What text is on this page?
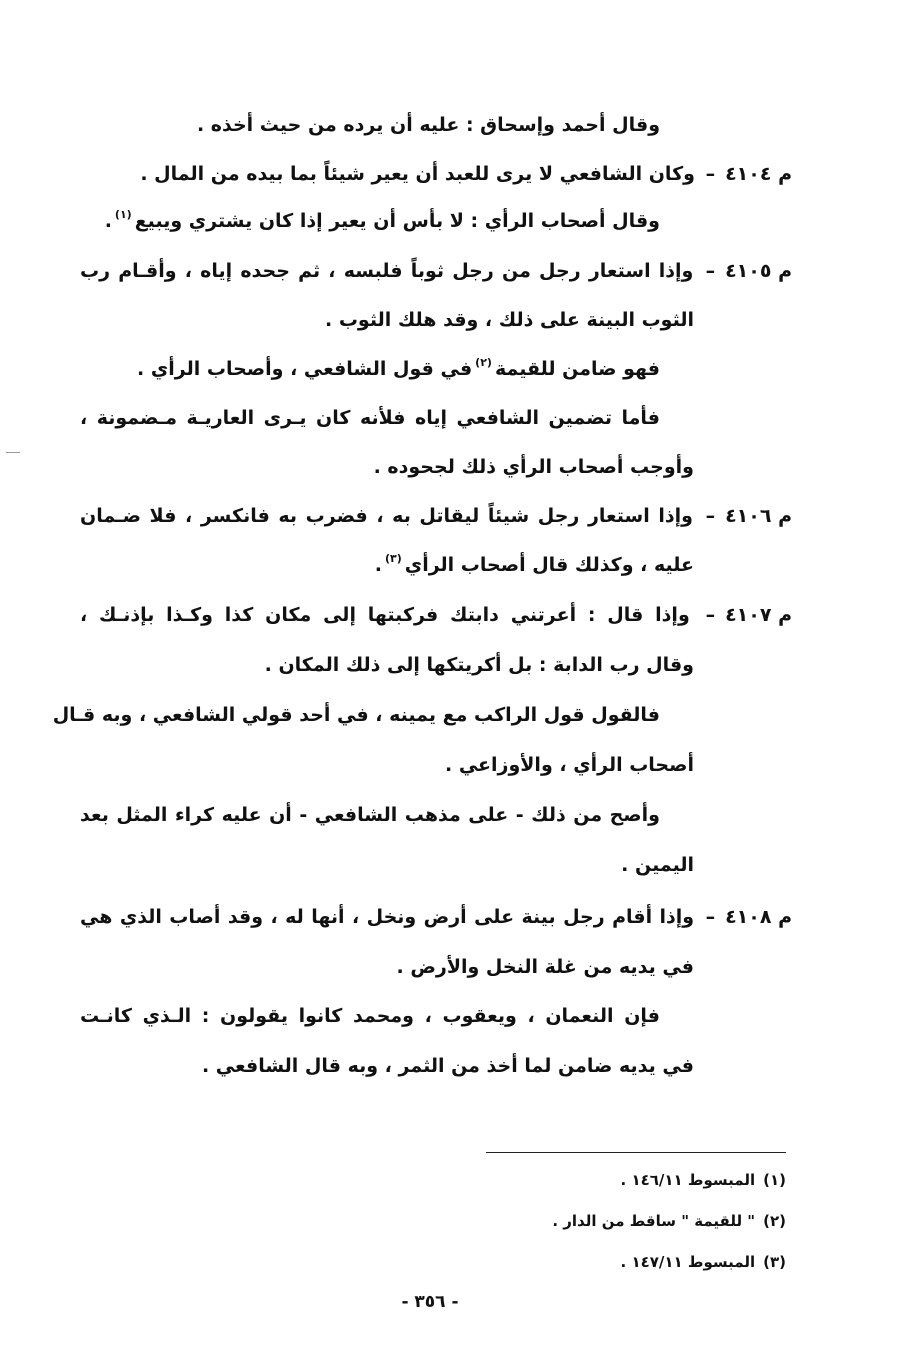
وقال أحمد وإسحاق : عليه أن يرده من حيث أخذه .
م ٤١٠٤– وكان الشافعي لا يرى للعبد أن يعير شيئاً بما بيده من المال .
وقال أصحاب الرأي : لا بأس أن يعير إذا كان يشتري ويبيع$^{(١)}$.
م ٤١٠٥– وإذا استعار رجل من رجل ثوباً فلبسه ، ثم جحده إياه ، وأقـام رب
الثوب البينة على ذلك ، وقد هلك الثوب .
فهو ضامن للقيمة$^{(٢)}$في قول الشافعي ، وأصحاب الرأي .
فأما تضمين الشافعي إياه فلأنه كان يـرى العاريـة مـضمونة ،
وأوجب أصحاب الرأي ذلك لجحوده .
م ٤١٠٦– وإذا استعار رجل شيئاً ليقاتل به ، فضرب به فانكسر ، فلا ضـمان
عليه ، وكذلك قال أصحاب الرأي$^{(٣)}$.
م ٤١٠٧– وإذا قال : أعرتني دابتك فركبتها إلى مكان كذا وكـذا بإذنـك ،
وقال رب الدابة : بل أكريتكها إلى ذلك المكان .
فالقول قول الراكب مع يمينه ، في أحد قولي الشافعي ، وبه قـال
أصحاب الرأي ، والأوزاعي .
وأصح من ذلك - على مذهب الشافعي - أن عليه كراء المثل بعد
اليمين .
م ٤١٠٨– وإذا أقام رجل بينة على أرض ونخل ، أنها له ، وقد أصاب الذي هي
في يديه من غلة النخل والأرض .
فإن النعمان ، ويعقوب ، ومحمد كانوا يقولون : الـذي كانـت
في يديه ضامن لما أخذ من الثمر ، وبه قال الشافعي .
(١)المبسوط ١٤٦/١١ .
(٢)" للقيمة " ساقط من الدار .
(٣)المبسوط ١٤٧/١١ .
- ٣٥٦ -
